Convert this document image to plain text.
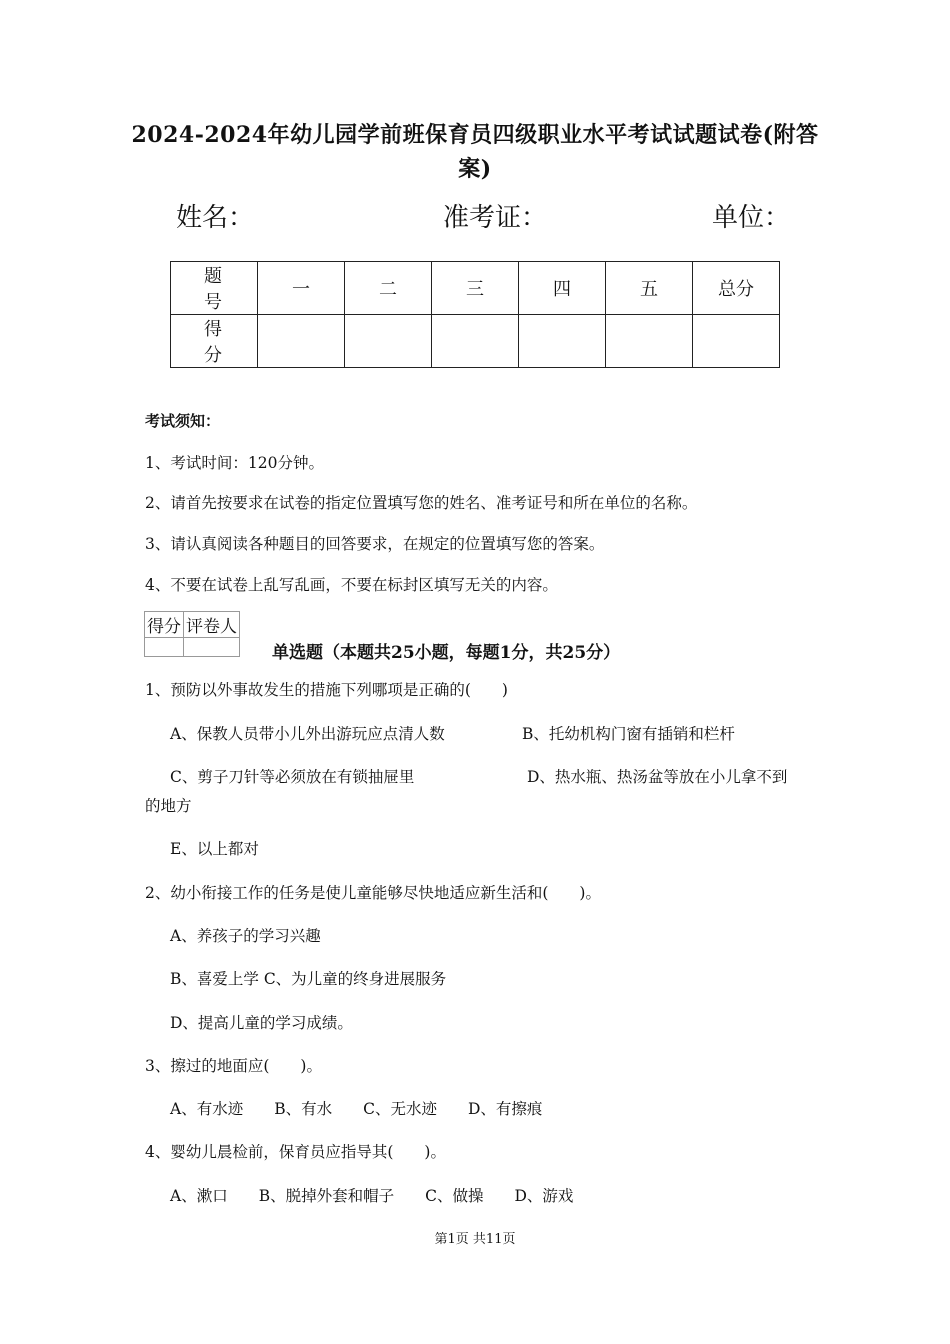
2024-2024年幼儿园学前班保育员四级职业水平考试试题试卷(附答
案)
姓名：	准考证：	单位：
题 号	一	二	三	四	五	总分
得 分						
考试须知：
1、考试时间：120分钟。
2、请首先按要求在试卷的指定位置填写您的姓名、准考证号和所在单位的名称。
3、请认真阅读各种题目的回答要求，在规定的位置填写您的答案。
4、不要在试卷上乱写乱画，不要在标封区填写无关的内容。
得分	评卷人

单选题（本题共25小题，每题1分，共25分）
1、预防以外事故发生的措施下列哪项是正确的(　　)
A、保教人员带小儿外出游玩应点清人数	B、托幼机构门窗有插销和栏杆
C、剪子刀针等必须放在有锁抽屉里	D、热水瓶、热汤盆等放在小儿拿不到
的地方
E、以上都对
2、幼小衔接工作的任务是使儿童能够尽快地适应新生活和(　　)。
A、养孩子的学习兴趣
B、喜爱上学 C、为儿童的终身进展服务
D、提高儿童的学习成绩。
3、擦过的地面应(　　)。
A、有水迹　　B、有水　　C、无水迹　　D、有擦痕
4、婴幼儿晨检前，保育员应指导其(　　)。
A、漱口　　B、脱掉外套和帽子　　C、做操　　D、游戏
第1页 共11页
